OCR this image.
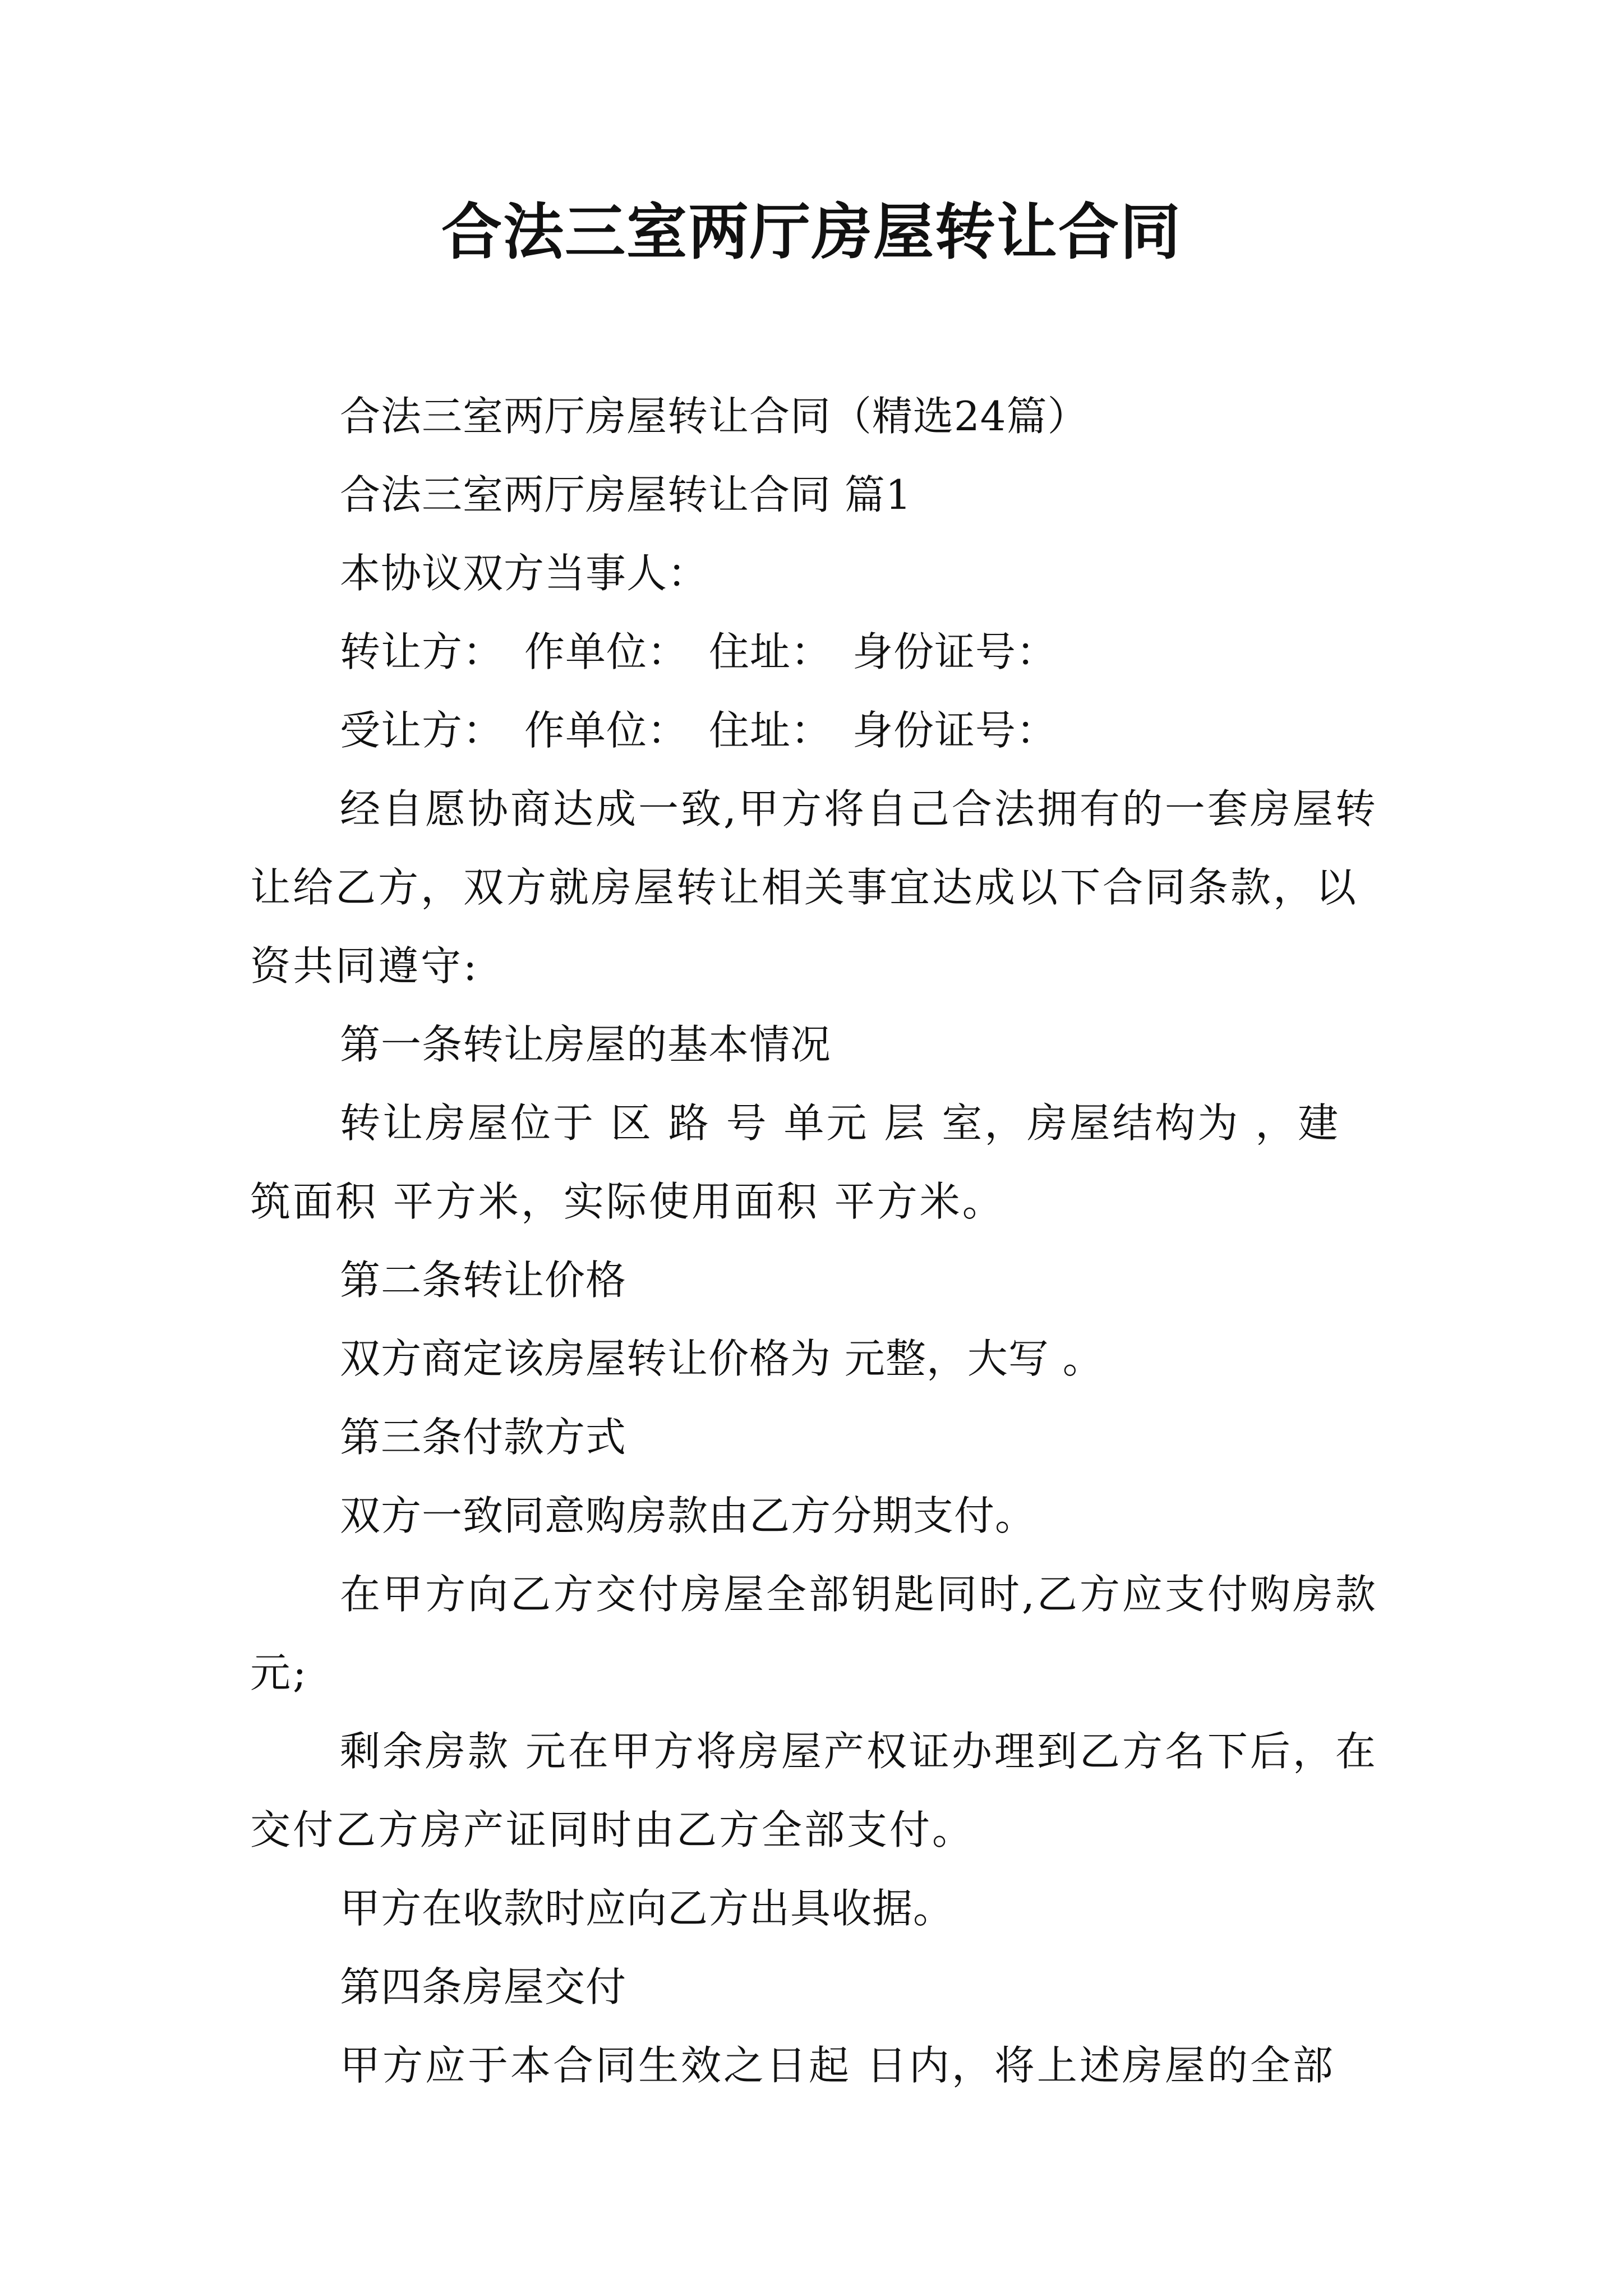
合法三室两厅房屋转让合同

合法三室两厅房屋转让合同（精选24篇）

合法三室两厅房屋转让合同 篇1

本协议双方当事人：

转让方：　作单位：　住址：　身份证号：

受让方：　作单位：　住址：　身份证号：

经自愿协商达成一致,甲方将自己合法拥有的一套房屋转让给乙方，双方就房屋转让相关事宜达成以下合同条款，以资共同遵守:

第一条转让房屋的基本情况

转让房屋位于 区 路 号 单元 层 室，房屋结构为 ，建筑面积 平方米，实际使用面积 平方米。

第二条转让价格

双方商定该房屋转让价格为 元整，大写 。

第三条付款方式

双方一致同意购房款由乙方分期支付。

在甲方向乙方交付房屋全部钥匙同时,乙方应支付购房款 元;

剩余房款 元在甲方将房屋产权证办理到乙方名下后，在交付乙方房产证同时由乙方全部支付。

甲方在收款时应向乙方出具收据。

第四条房屋交付

甲方应于本合同生效之日起 日内，将上述房屋的全部
